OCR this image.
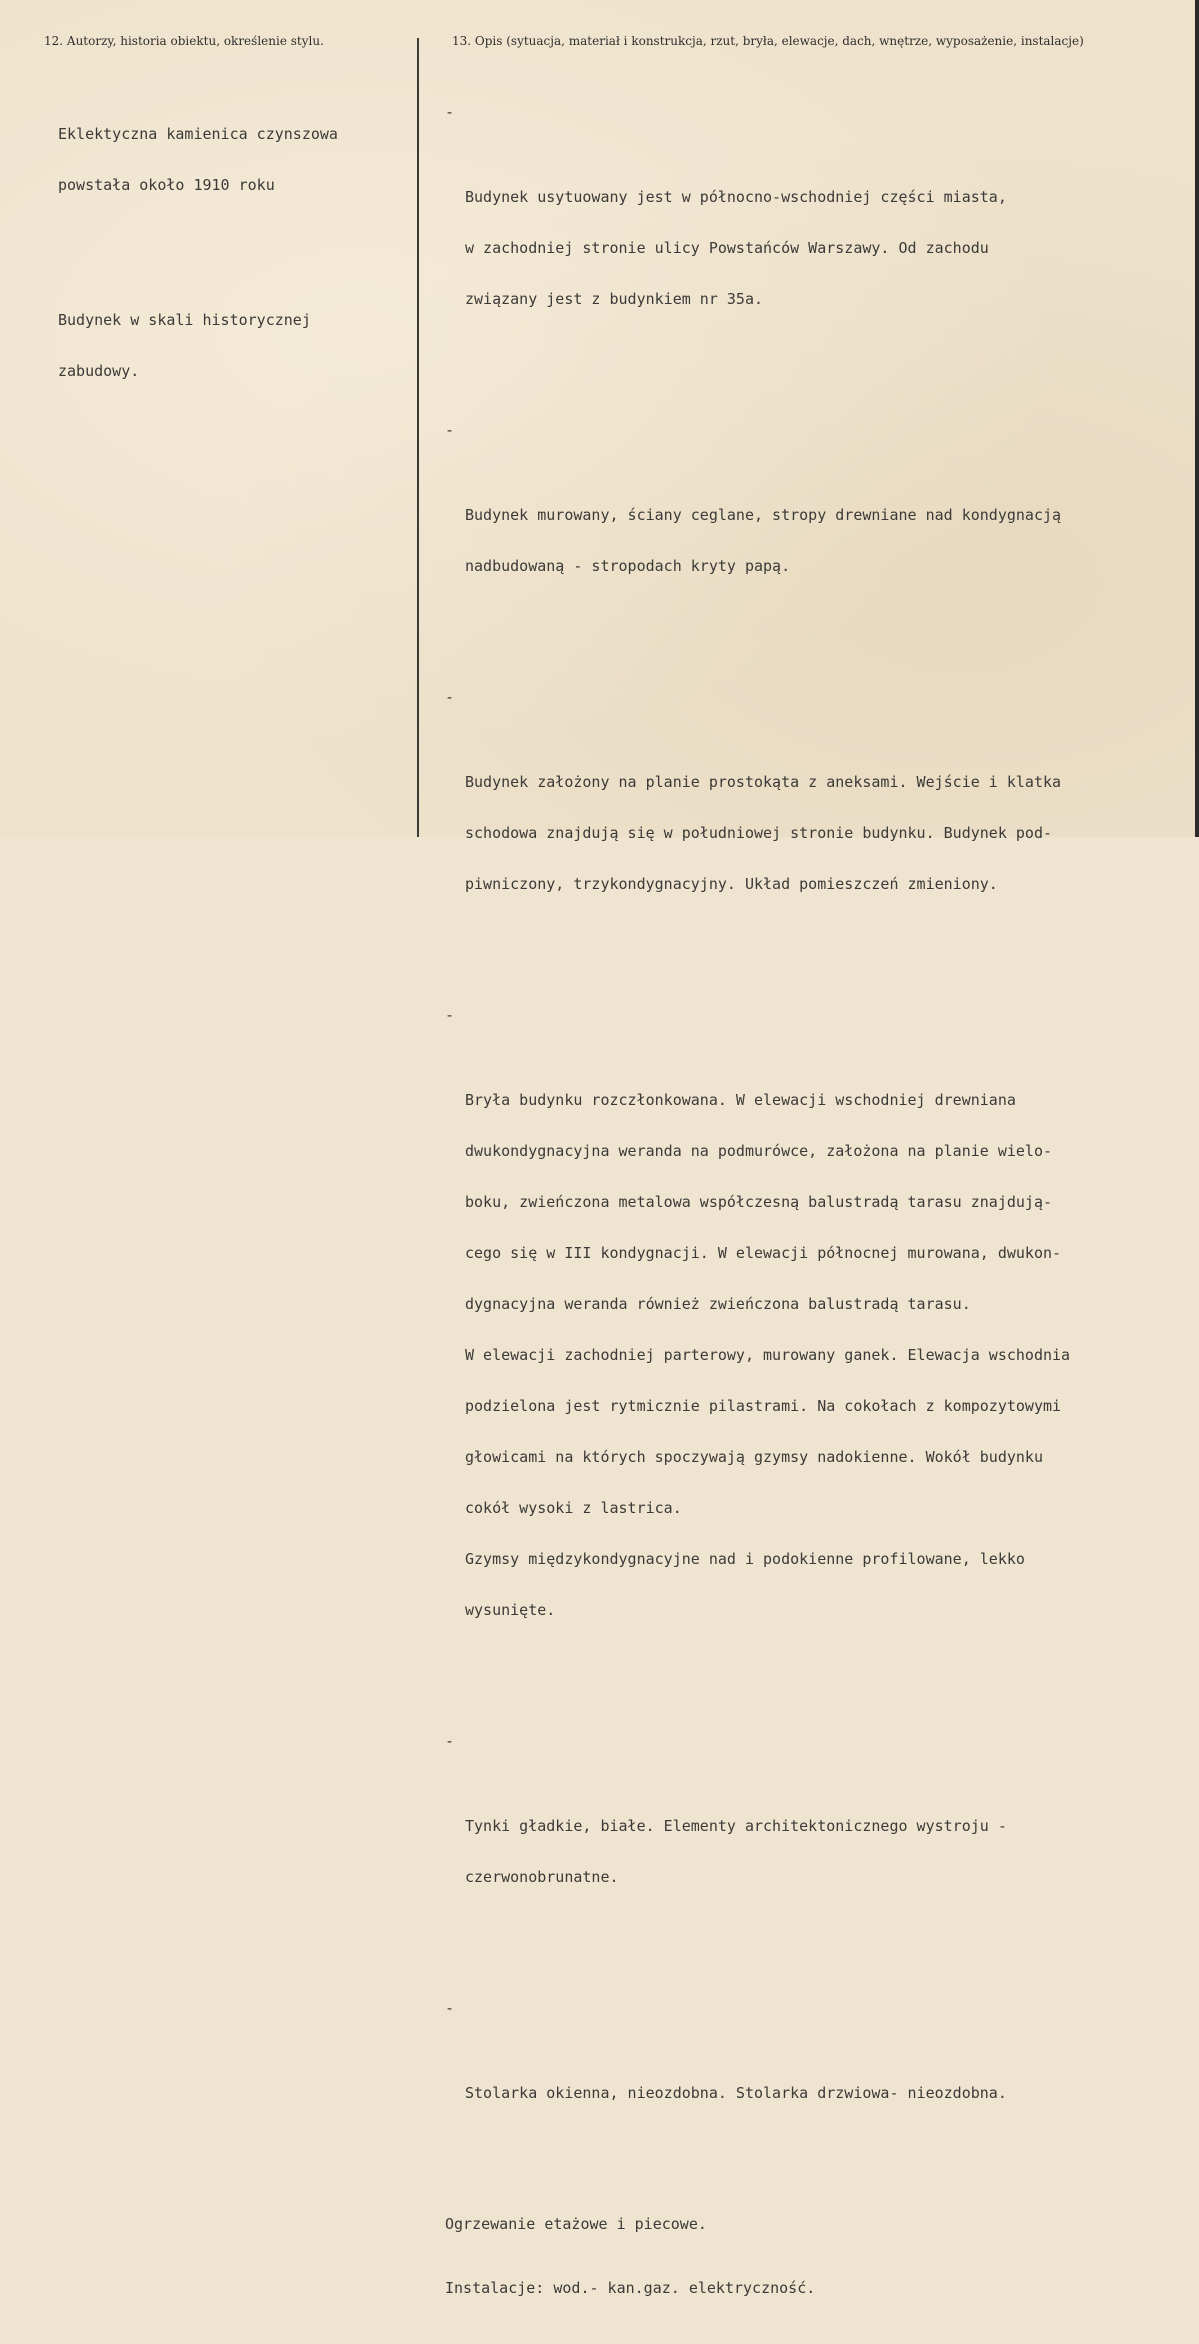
12. Autorzy, historia obiektu, określenie stylu.	13. Opis (sytuacja, materiał i konstrukcja, rzut, bryła, elewacje, dach, wnętrze, wyposażenie, instalacje)

Eklektyczna kamienica czynszowa

powstała około 1910 roku

Budynek w skali historycznej

zabudowy.

-

Budynek usytuowany jest w północno-wschodniej części miasta,

w zachodniej stronie ulicy Powstańców Warszawy. Od zachodu

związany jest z budynkiem nr 35a.

-

Budynek murowany, ściany ceglane, stropy drewniane nad kondygnacją

nadbudowaną - stropodach kryty papą.

-

Budynek założony na planie prostokąta z aneksami. Wejście i klatka

schodowa znajdują się w południowej stronie budynku. Budynek pod-

piwniczony, trzykondygnacyjny. Układ pomieszczeń zmieniony.

-

Bryła budynku rozczłonkowana. W elewacji wschodniej drewniana

dwukondygnacyjna weranda na podmurówce, założona na planie wielo-

boku, zwieńczona metalowa współczesną balustradą tarasu znajdują-

cego się w III kondygnacji. W elewacji północnej murowana, dwukon-

dygnacyjna weranda również zwieńczona balustradą tarasu.

W elewacji zachodniej parterowy, murowany ganek. Elewacja wschodnia

podzielona jest rytmicznie pilastrami. Na cokołach z kompozytowymi

głowicami na których spoczywają gzymsy nadokienne. Wokół budynku

cokół wysoki z lastrica.

Gzymsy międzykondygnacyjne nad i podokienne profilowane, lekko

wysunięte.

-

Tynki gładkie, białe. Elementy architektonicznego wystroju -

czerwonobrunatne.

-

Stolarka okienna, nieozdobna. Stolarka drzwiowa- nieozdobna.

Ogrzewanie etażowe i piecowe.

Instalacje: wod.- kan.gaz. elektryczność.
